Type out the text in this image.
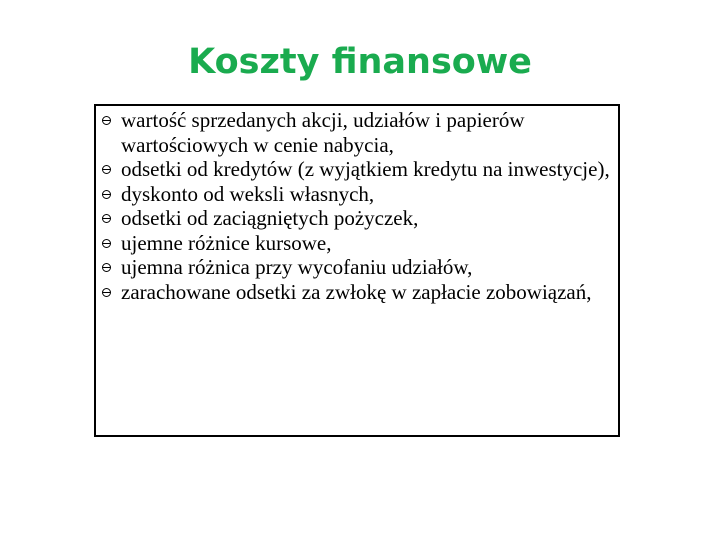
Koszty finansowe
wartość sprzedanych akcji, udziałów i papierów wartościowych w cenie nabycia,
odsetki od kredytów (z wyjątkiem kredytu na inwestycje),
dyskonto od weksli własnych,
odsetki od zaciągniętych pożyczek,
ujemne różnice kursowe,
ujemna różnica przy wycofaniu udziałów,
zarachowane odsetki za zwłokę w zapłacie zobowiązań,
